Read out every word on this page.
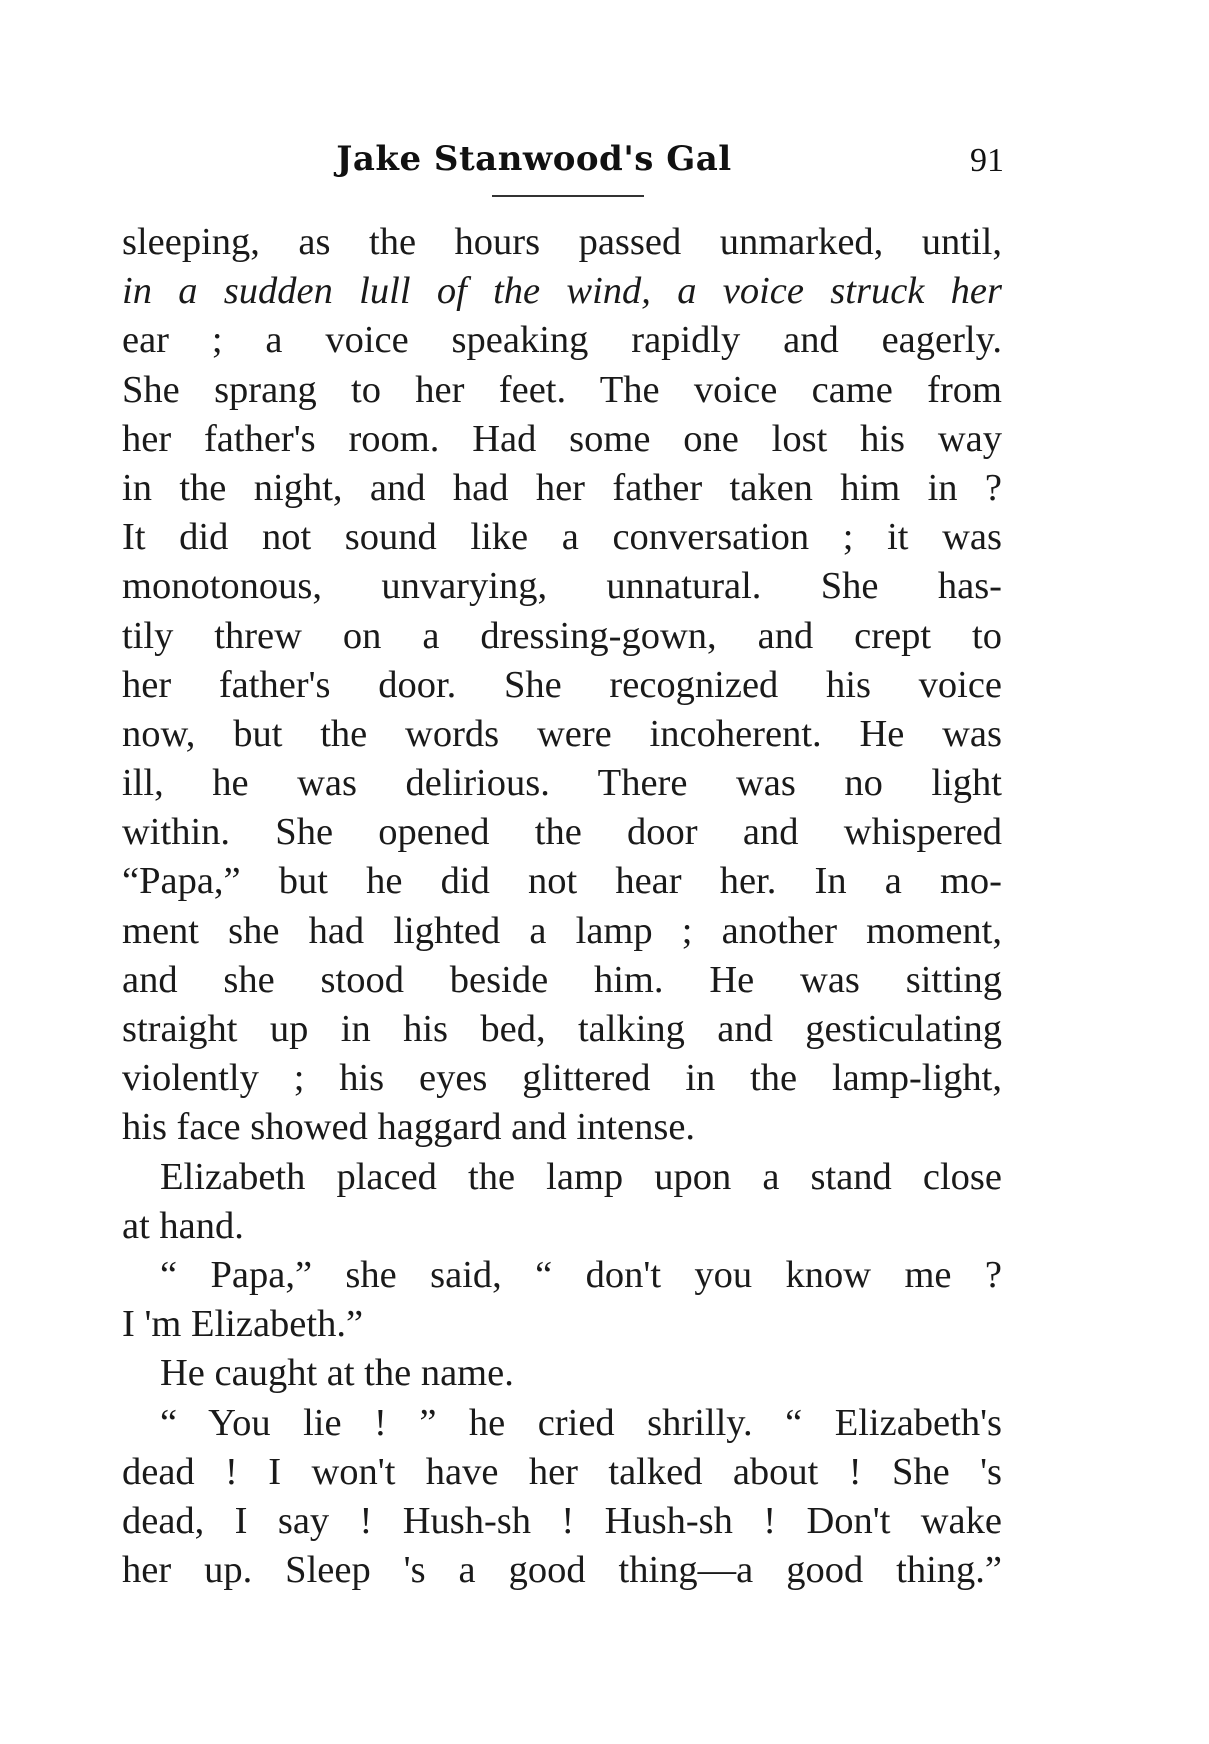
Jake Stanwood's Gal	91
sleeping, as the hours passed unmarked, until,
in a sudden lull of the wind, a voice struck her
ear ; a voice speaking rapidly and eagerly.
She sprang to her feet. The voice came from
her father's room. Had some one lost his way
in the night, and had her father taken him in ?
It did not sound like a conversation ; it was
monotonous, unvarying, unnatural. She has-
tily threw on a dressing-gown, and crept to
her father's door. She recognized his voice
now, but the words were incoherent. He was
ill, he was delirious. There was no light
within. She opened the door and whispered
“Papa,” but he did not hear her. In a mo-
ment she had lighted a lamp ; another moment,
and she stood beside him. He was sitting
straight up in his bed, talking and gesticulating
violently ; his eyes glittered in the lamp-light,
his face showed haggard and intense.
Elizabeth placed the lamp upon a stand close
at hand.
“ Papa,” she said, “ don't you know me ?
I 'm Elizabeth.”
He caught at the name.
“ You lie ! ” he cried shrilly. “ Elizabeth's
dead ! I won't have her talked about ! She 's
dead, I say ! Hush-sh ! Hush-sh ! Don't wake
her up. Sleep 's a good thing—a good thing.”
